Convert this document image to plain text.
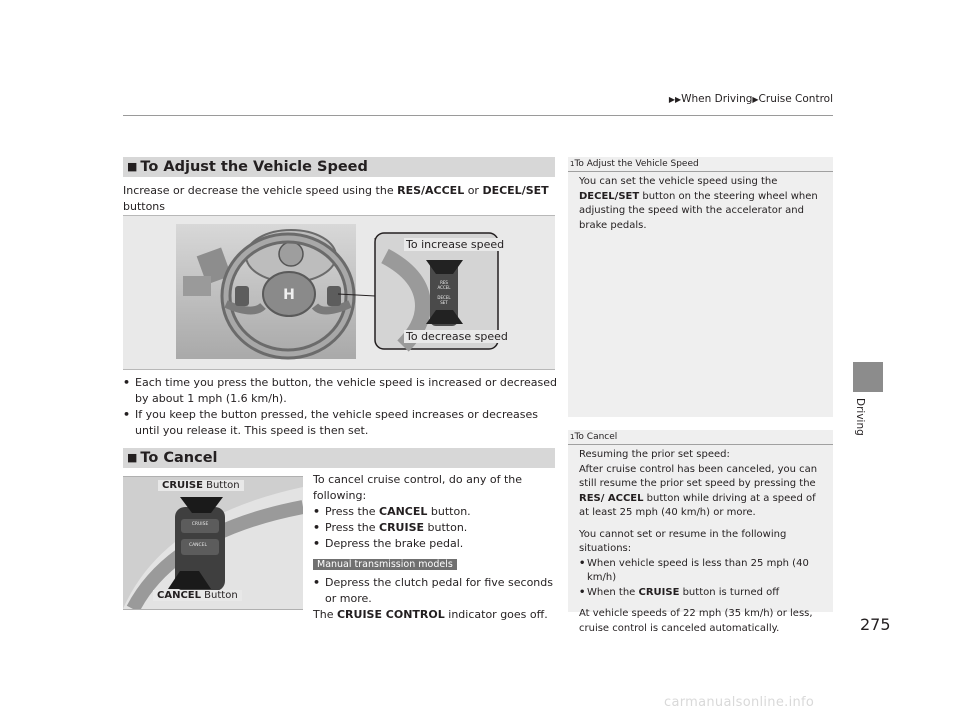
▶▶When Driving▶Cruise Control
Driving
■ To Adjust the Vehicle Speed
Increase or decrease the vehicle speed using the RES/ACCEL or DECEL/SET buttons

H
To increase speed
To decrease speed
RES
ACCEL
DECEL
SET
• Each time you press the button, the vehicle speed is increased or decreased by about 1 mph (1.6 km/h).
• If you keep the button pressed, the vehicle speed increases or decreases until you release it. This speed is then set.
■ To Cancel
CRUISE
CANCEL
CRUISE Button
CANCEL Button
To cancel cruise control, do any of the following:
• Press the CANCEL button.
• Press the CRUISE button.
• Depress the brake pedal.
Manual transmission models
• Depress the clutch pedal for five seconds or more.
The CRUISE CONTROL indicator goes off.
1To Adjust the Vehicle Speed
You can set the vehicle speed using the DECEL/SET button on the steering wheel when adjusting the speed with the accelerator and brake pedals.
1To Cancel
Resuming the prior set speed:
After cruise control has been canceled, you can still resume the prior set speed by pressing the RES/ ACCEL button while driving at a speed of at least 25 mph (40 km/h) or more.
You cannot set or resume in the following situations:
• When vehicle speed is less than 25 mph (40 km/h)
• When the CRUISE button is turned off
At vehicle speeds of 22 mph (35 km/h) or less, cruise control is canceled automatically.	275
carmanualsonline.info
